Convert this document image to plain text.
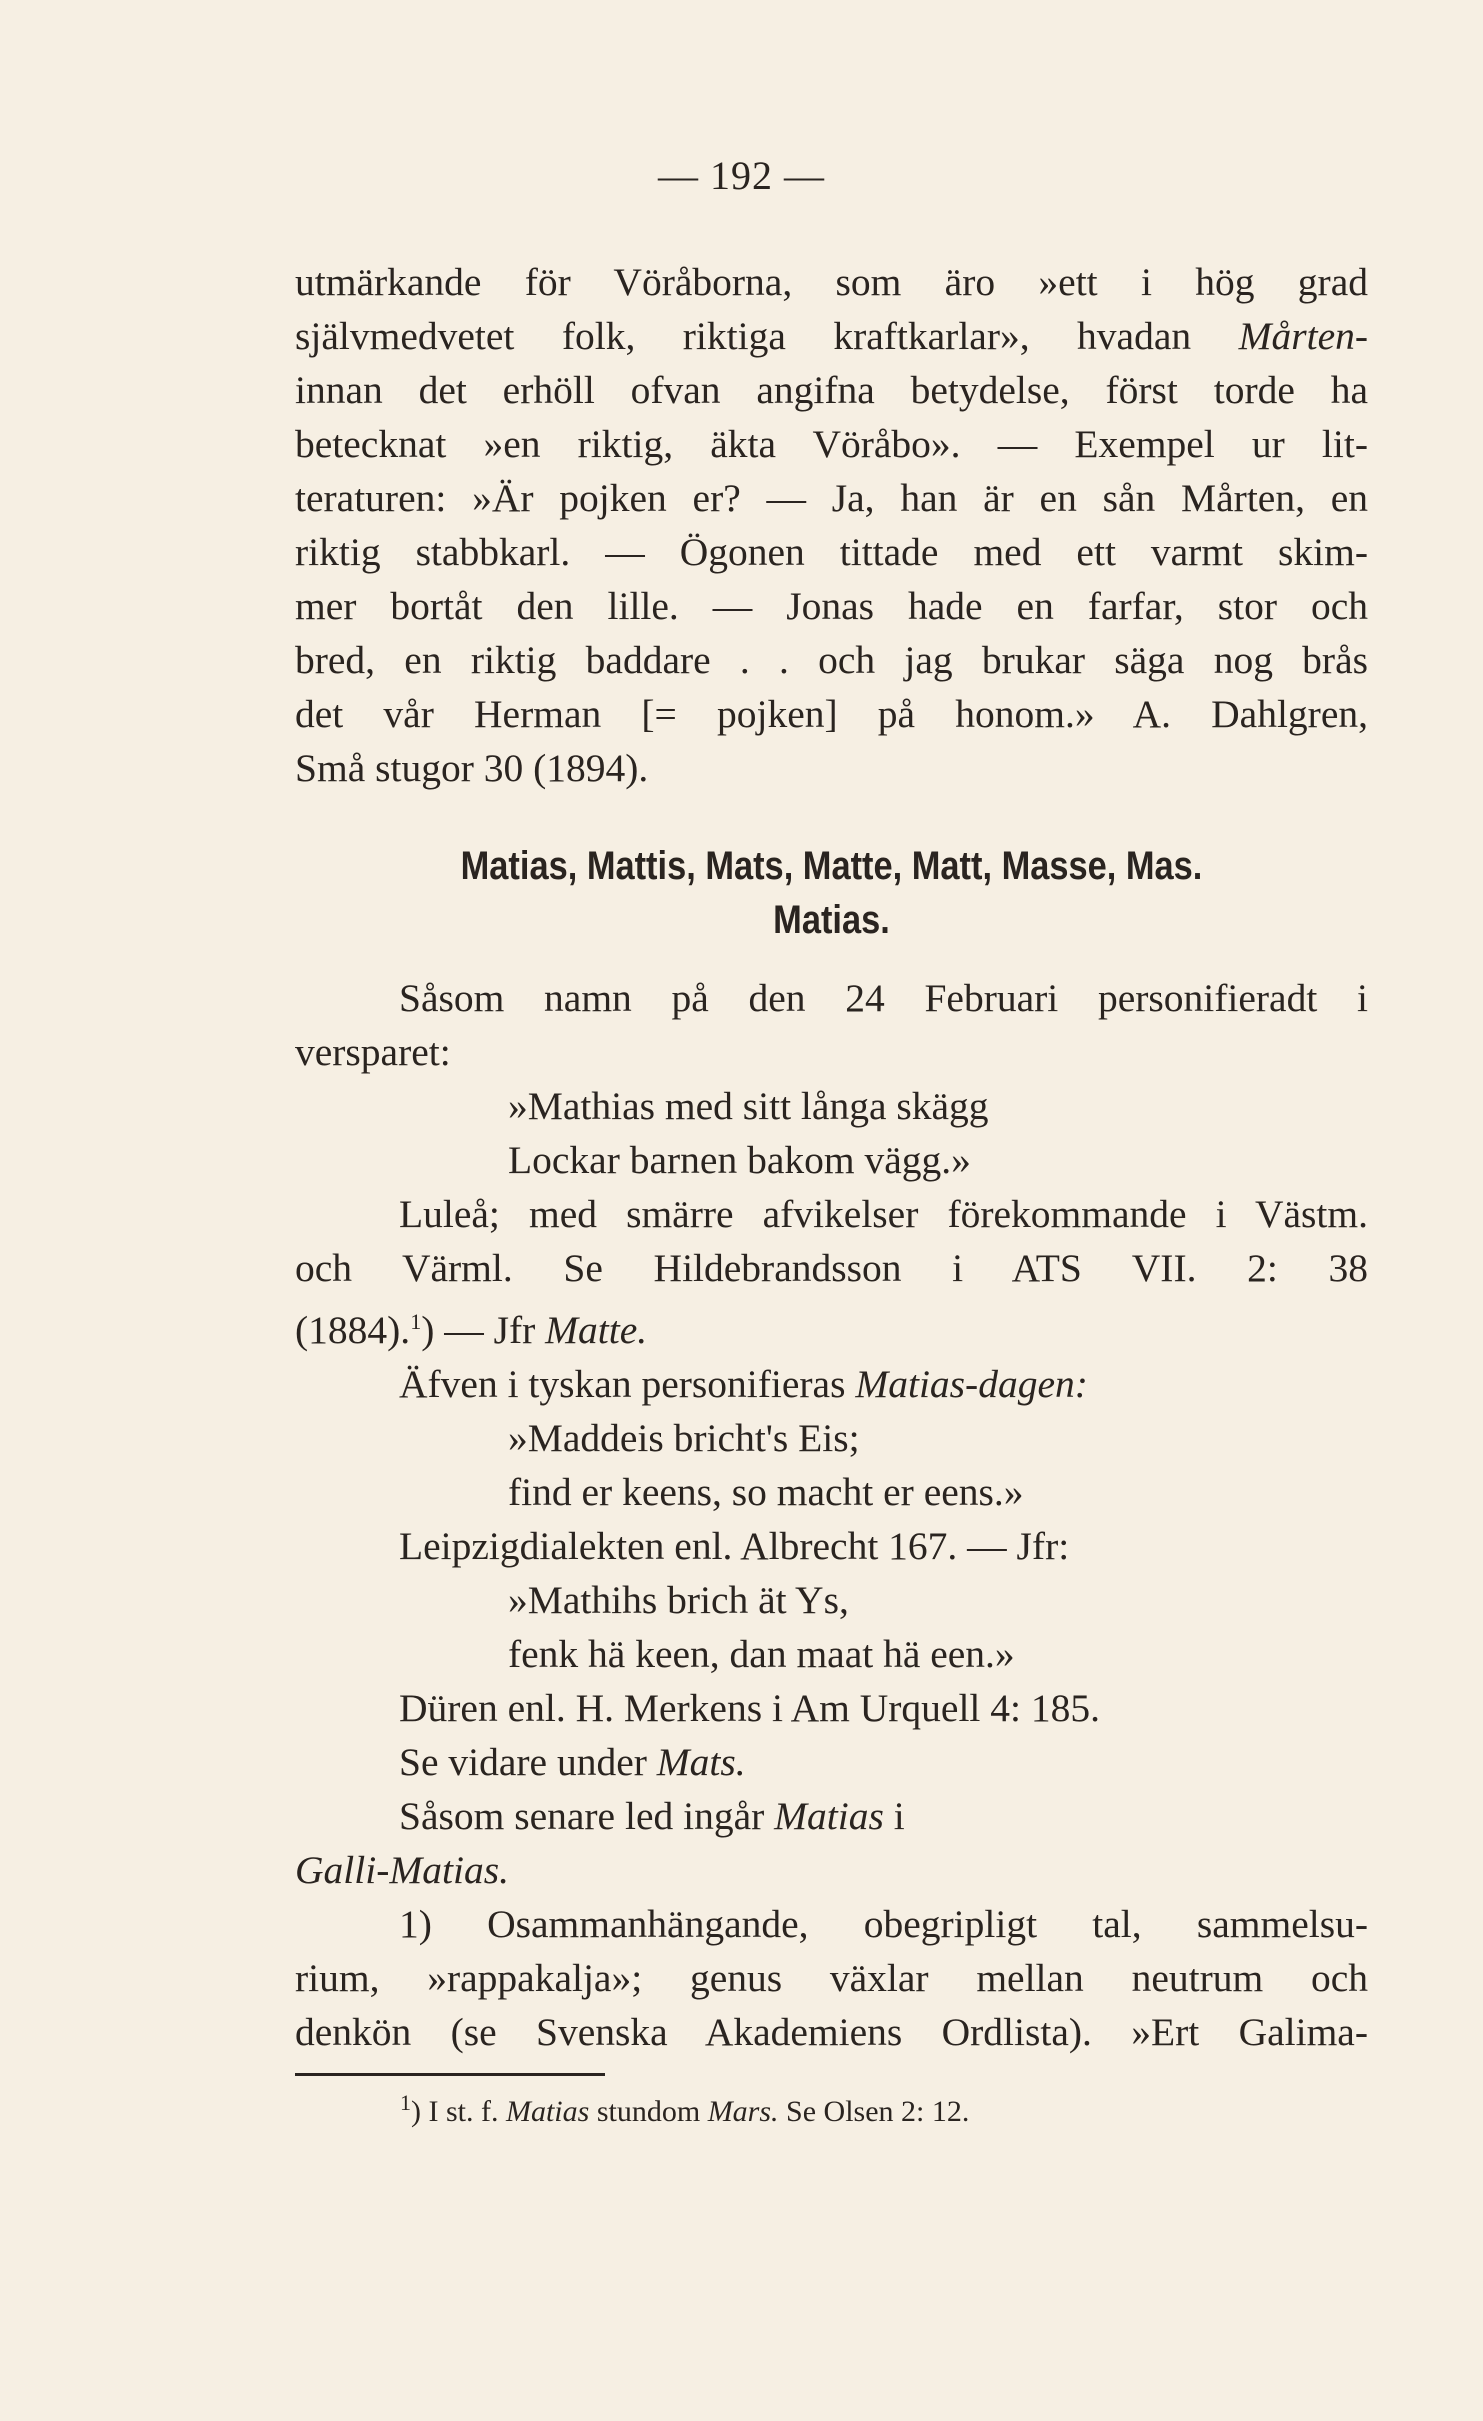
— 192 —
utmärkande för Vöråborna, som äro »ett i hög grad
självmedvetet folk, riktiga kraftkarlar», hvadan Mårten-
innan det erhöll ofvan angifna betydelse, först torde ha
betecknat »en riktig, äkta Vöråbo». — Exempel ur lit-
teraturen: »Är pojken er? — Ja, han är en sån Mårten, en
riktig stabbkarl. — Ögonen tittade med ett varmt skim-
mer bortåt den lille. — Jonas hade en farfar, stor och
bred, en riktig baddare . . och jag brukar säga nog brås
det vår Herman [= pojken] på honom.» A. Dahlgren,
Små stugor 30 (1894).
Matias, Mattis, Mats, Matte, Matt, Masse, Mas.
Matias.
Såsom namn på den 24 Februari personifieradt i
versparet:
»Mathias med sitt långa skägg
Lockar barnen bakom vägg.»
Luleå; med smärre afvikelser förekommande i Västm.
och Värml. Se Hildebrandsson i ATS VII. 2: 38
(1884).$^1$) — Jfr Matte.
Äfven i tyskan personifieras Matias-dagen:
»Maddeis bricht's Eis;
find er keens, so macht er eens.»
Leipzigdialekten enl. Albrecht 167. — Jfr:
»Mathihs brich ät Ys,
fenk hä keen, dan maat hä een.»
Düren enl. H. Merkens i Am Urquell 4: 185.
Se vidare under Mats.
Såsom senare led ingår Matias i
Galli-Matias.
1) Osammanhängande, obegripligt tal, sammelsu-
rium, »rappakalja»; genus växlar mellan neutrum och
denkön (se Svenska Akademiens Ordlista). »Ert Galima-
$^1$) I st. f. Matias stundom Mars. Se Olsen 2: 12.
